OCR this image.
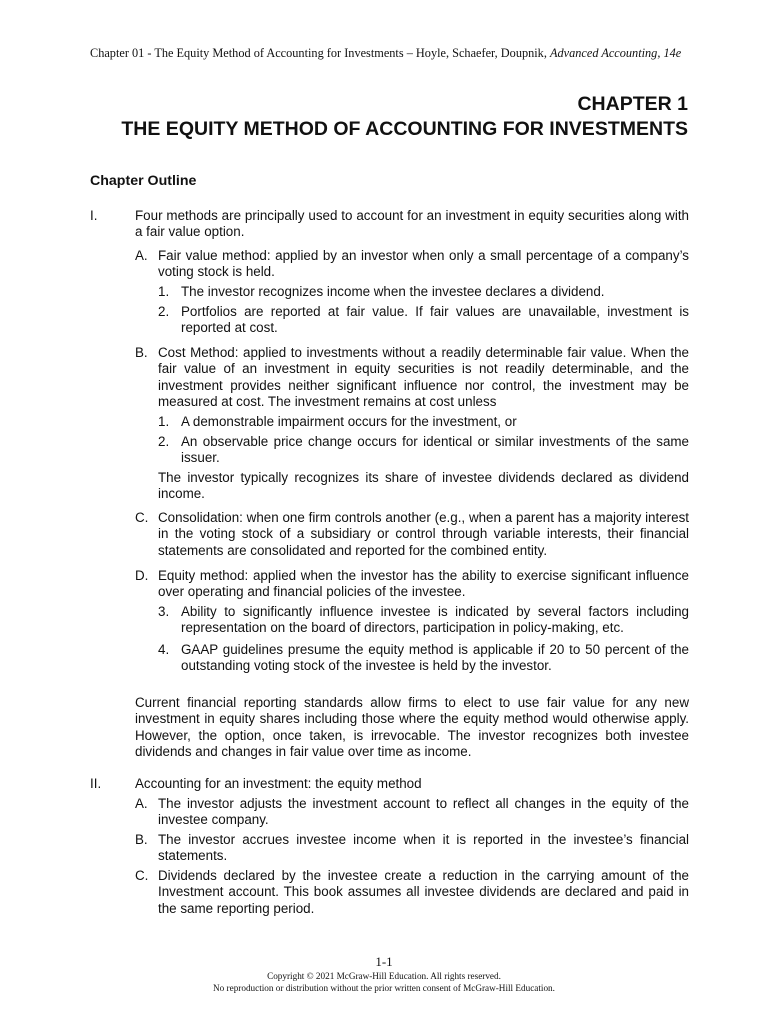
Chapter 01 - The Equity Method of Accounting for Investments – Hoyle, Schaefer, Doupnik, Advanced Accounting, 14e
CHAPTER 1
THE EQUITY METHOD OF ACCOUNTING FOR INVESTMENTS
Chapter Outline
I.	Four methods are principally used to account for an investment in equity securities along with a fair value option.
A. Fair value method: applied by an investor when only a small percentage of a company’s voting stock is held.
1. The investor recognizes income when the investee declares a dividend.
2. Portfolios are reported at fair value. If fair values are unavailable, investment is reported at cost.
B. Cost Method: applied to investments without a readily determinable fair value. When the fair value of an investment in equity securities is not readily determinable, and the investment provides neither significant influence nor control, the investment may be measured at cost. The investment remains at cost unless
1. A demonstrable impairment occurs for the investment, or
2. An observable price change occurs for identical or similar investments of the same issuer.
The investor typically recognizes its share of investee dividends declared as dividend income.
C. Consolidation: when one firm controls another (e.g., when a parent has a majority interest in the voting stock of a subsidiary or control through variable interests, their financial statements are consolidated and reported for the combined entity.
D. Equity method: applied when the investor has the ability to exercise significant influence over operating and financial policies of the investee.
3. Ability to significantly influence investee is indicated by several factors including representation on the board of directors, participation in policy-making, etc.
4. GAAP guidelines presume the equity method is applicable if 20 to 50 percent of the outstanding voting stock of the investee is held by the investor.
Current financial reporting standards allow firms to elect to use fair value for any new investment in equity shares including those where the equity method would otherwise apply. However, the option, once taken, is irrevocable. The investor recognizes both investee dividends and changes in fair value over time as income.
II.	Accounting for an investment: the equity method
A. The investor adjusts the investment account to reflect all changes in the equity of the investee company.
B. The investor accrues investee income when it is reported in the investee’s financial statements.
C. Dividends declared by the investee create a reduction in the carrying amount of the Investment account. This book assumes all investee dividends are declared and paid in the same reporting period.
1-1
Copyright © 2021 McGraw-Hill Education. All rights reserved.
No reproduction or distribution without the prior written consent of McGraw-Hill Education.
